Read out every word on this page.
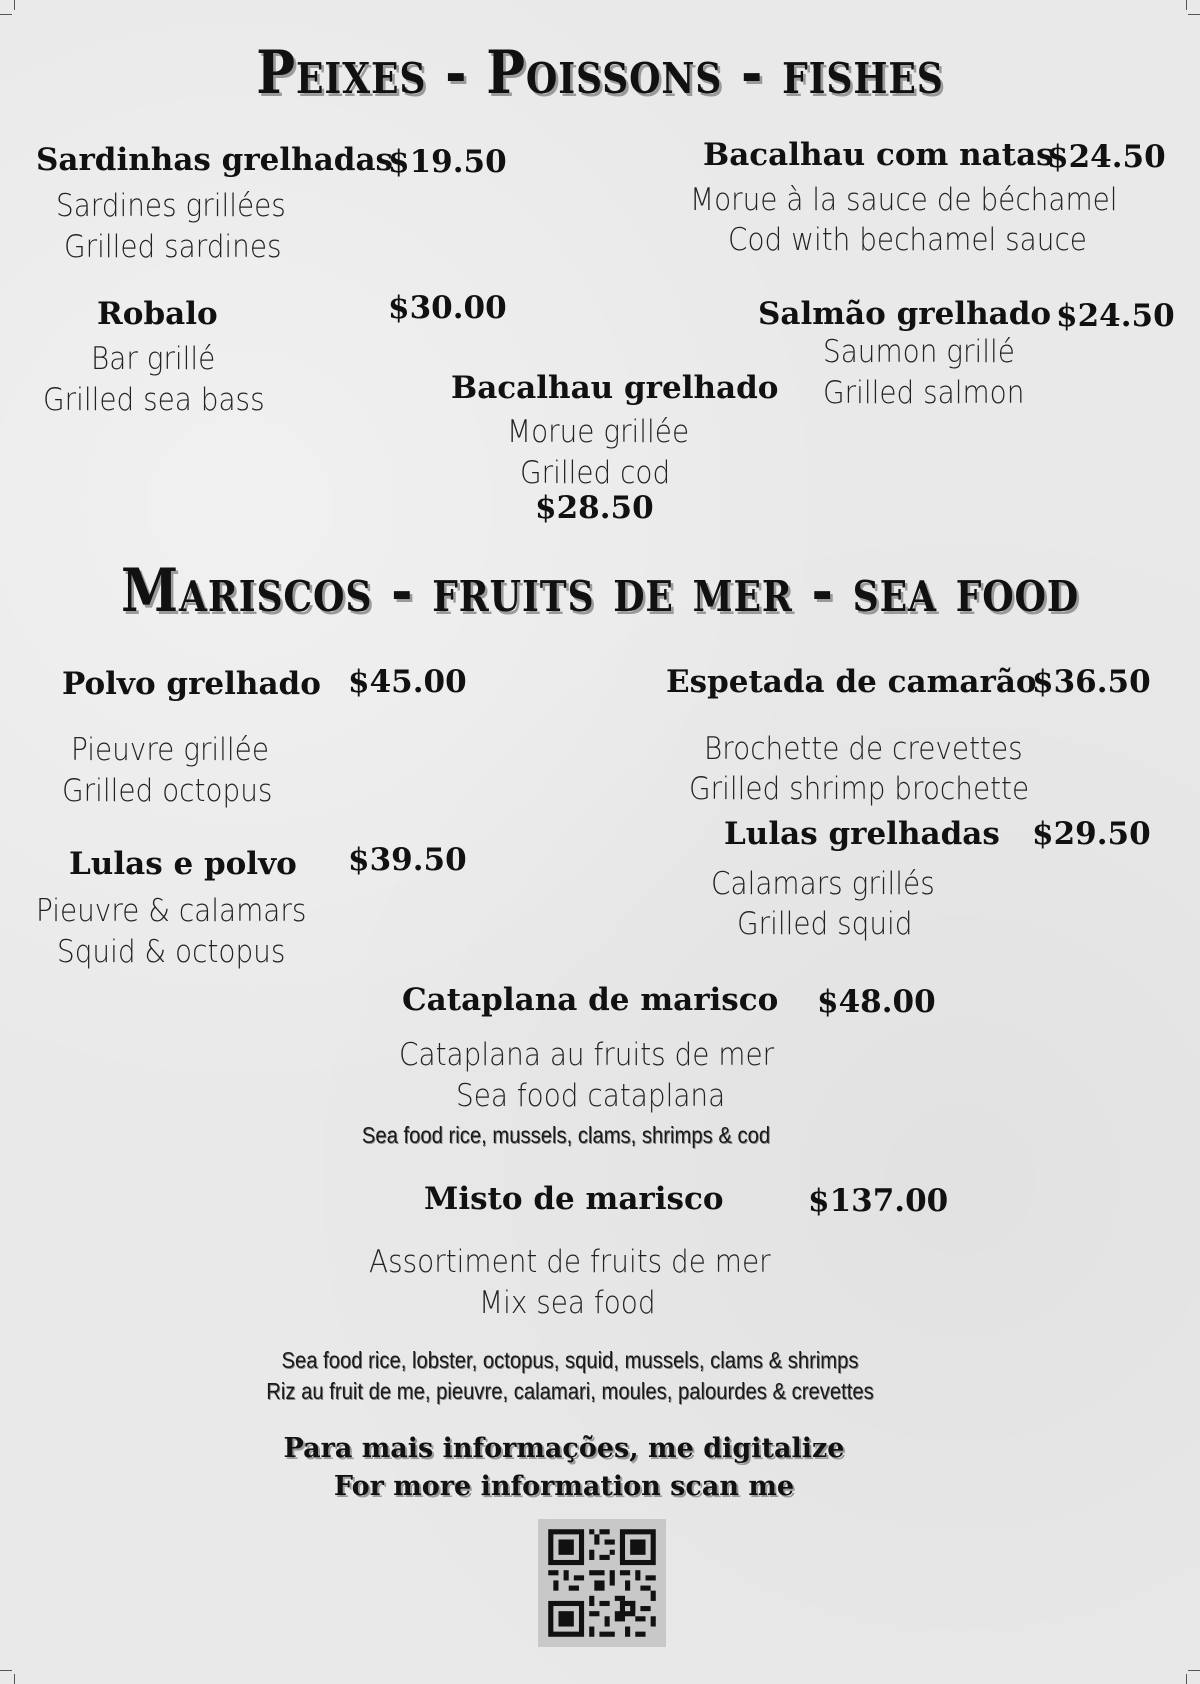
Peixes - Poissons - fishes
Sardinhas grelhadas
$19.50
Sardines grillées
Grilled sardines
Bacalhau com natas
$24.50
Morue à la sauce de béchamel
Cod with bechamel sauce
Robalo	$30.00
Bar grillé
Grilled sea bass
Salmão grelhado $24.50
Saumon grillé
Grilled salmon
Bacalhau grelhado
Morue grillée
Grilled cod
$28.50
Mariscos - fruits de mer - sea food
Polvo grelhado $45.00
Pieuvre grillée
Grilled octopus
Espetada de camarão
$36.50
Brochette de crevettes
Grilled shrimp brochette
Lulas e polvo $39.50
Pieuvre & calamars
Squid & octopus
Lulas grelhadas $29.50
Calamars grillés
Grilled squid
Cataplana de marisco $48.00
Cataplana au fruits de mer
Sea food cataplana
Sea food rice, mussels, clams, shrimps & cod
Misto de marisco	$137.00
Assortiment de fruits de mer
Mix sea food
Sea food rice, lobster, octopus, squid, mussels, clams & shrimps
Riz au fruit de me, pieuvre, calamari, moules, palourdes & crevettes
Para mais informações, me digitalize
For more information scan me
